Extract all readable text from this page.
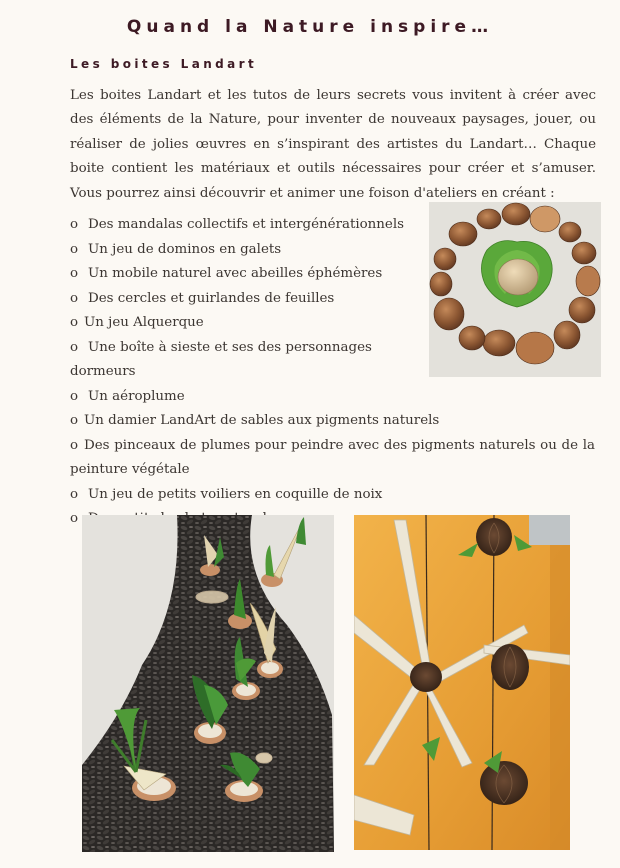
Quand la Nature inspire…
Les boites Landart

Les boites Landart et les tutos de leurs secrets vous invitent à créer avec des éléments de la Nature, pour inventer de nouveaux paysages, jouer, ou réaliser de jolies œuvres en s’inspirant des artistes du Landart… Chaque boite contient les matériaux et outils nécessaires pour créer et s’amuser. Vous pourrez ainsi découvrir et animer une foison d'ateliers en créant :

o Des mandalas collectifs et intergénérationnels
o Un jeu de dominos en galets
o Un mobile naturel avec abeilles éphémères
o Des cercles et guirlandes de feuilles
o Un jeu Alquerque
o Une boîte à sieste et ses des personnages dormeurs
o Un aéroplume
o Un damier LandArt de sables aux pigments naturels
o Des pinceaux de plumes pour peindre avec des pigments naturels ou de la peinture végétale
o Un jeu de petits voiliers en coquille de noix
o
